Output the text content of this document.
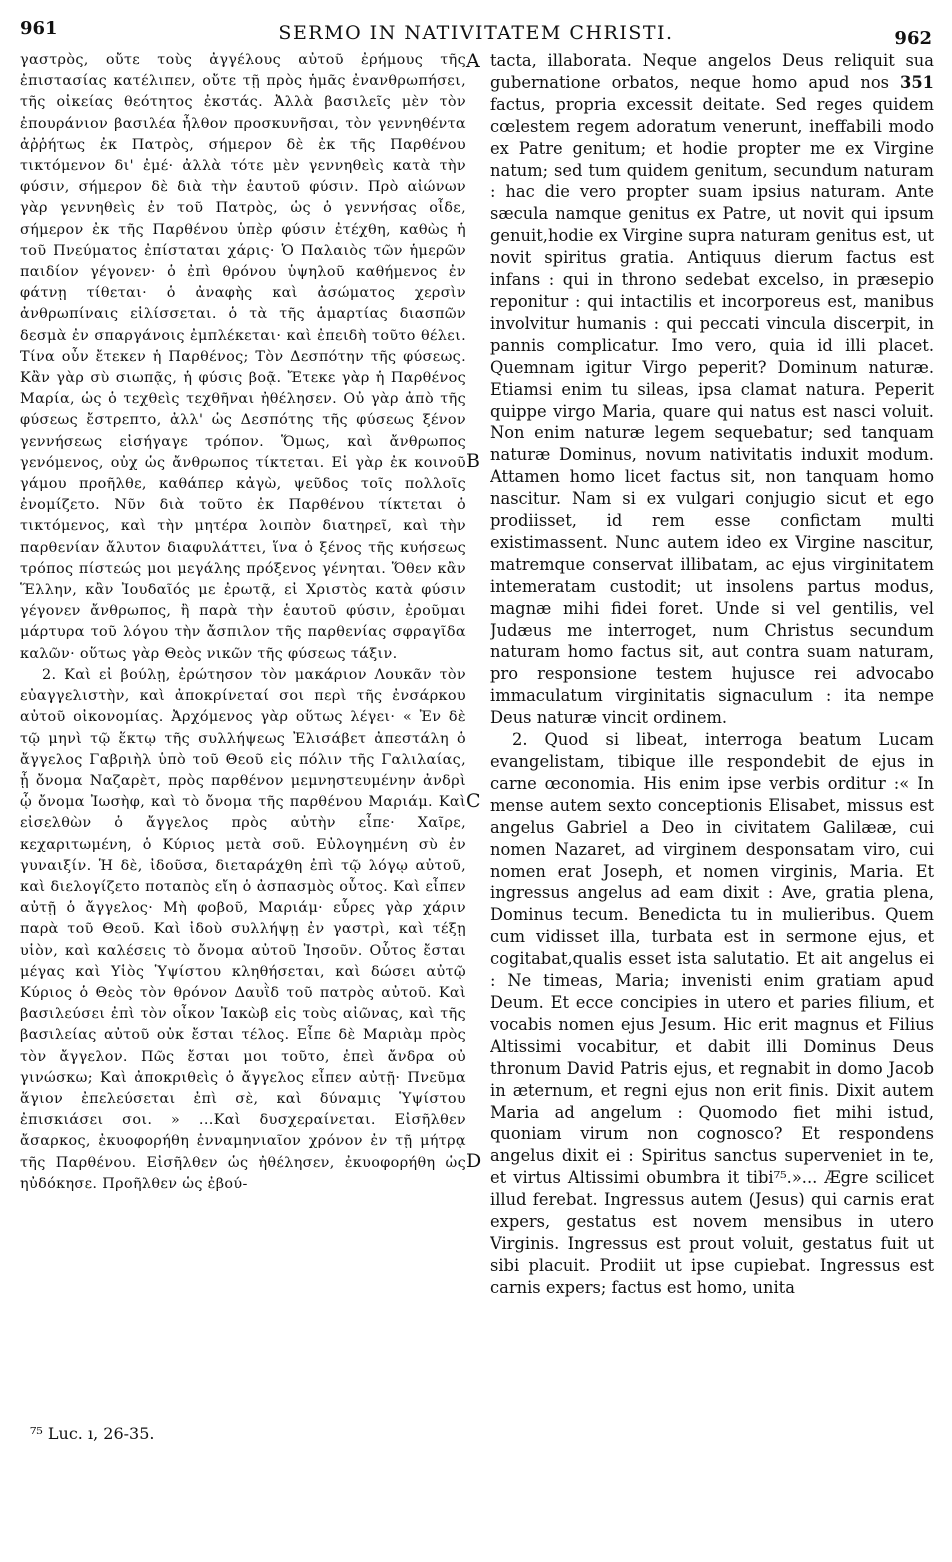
961	SERMO IN NATIVITATEM CHRISTI.	962

γαστρὸς, οὔτε τοὺς ἀγγέλους αὐτοῦ ἐρήμους τῆς ἐπιστασίας κατέλιπεν, οὔτε τῇ πρὸς ἡμᾶς ἐνανθρωπήσει, τῆς οἰκείας θεότητος ἐκστάς. Ἀλλὰ βασιλεῖς μὲν τὸν ἐπουράνιον βασιλέα ἦλθον προσκυνῆσαι, τὸν γεννηθέντα ἀῤῥήτως ἐκ Πατρὸς, σήμερον δὲ ἐκ τῆς Παρθένου τικτόμενον δι' ἐμέ· ἀλλὰ τότε μὲν γεννηθεὶς κατὰ τὴν φύσιν, σήμερον δὲ διὰ τὴν ἑαυτοῦ φύσιν. Πρὸ αἰώνων γὰρ γεννηθεὶς ἐν τοῦ Πατρὸς, ὡς ὁ γεννήσας οἶδε, σήμερον ἐκ τῆς Παρθένου ὑπὲρ φύσιν ἐτέχθη, καθὼς ἡ τοῦ Πνεύματος ἐπίσταται χάρις· Ὁ Παλαιὸς τῶν ἡμερῶν παιδίον γέγονεν· ὁ ἐπὶ θρόνου ὑψηλοῦ καθήμενος ἐν φάτνῃ τίθεται· ὁ ἀναφὴς καὶ ἀσώματος χερσὶν ἀνθρωπίναις εἱλίσσεται. ὁ τὰ τῆς ἁμαρτίας διασπῶν δεσμὰ ἐν σπαργάνοις ἐμπλέκεται· καὶ ἐπειδὴ τοῦτο θέλει. Τίνα οὖν ἔτεκεν ἡ Παρθένος; Τὸν Δεσπότην τῆς φύσεως. Κἂν γὰρ σὺ σιωπᾷς, ἡ φύσις βοᾷ. Ἔτεκε γὰρ ἡ Παρθένος Μαρία, ὡς ὁ τεχθεὶς τεχθῆναι ἠθέλησεν. Οὐ γὰρ ἀπὸ τῆς φύσεως ἔστρεπτο, ἀλλ' ὡς Δεσπότης τῆς φύσεως ξένον γεννήσεως εἰσήγαγε τρόπον. Ὅμως, καὶ ἄνθρωπος γενόμενος, οὐχ ὡς ἄνθρωπος τίκτεται. Εἰ γὰρ ἐκ κοινοῦ γάμου προῆλθε, καθάπερ κἀγὼ, ψεῦδος τοῖς πολλοῖς ἐνομίζετο. Νῦν διὰ τοῦτο ἐκ Παρθένου τίκτεται ὁ τικτόμενος, καὶ τὴν μητέρα λοιπὸν διατηρεῖ, καὶ τὴν παρθενίαν ἄλυτον διαφυλάττει, ἵνα ὁ ξένος τῆς κυήσεως τρόπος πίστεώς μοι μεγάλης πρόξενος γένηται. Ὅθεν κἂν Ἕλλην, κἂν Ἰουδαῖός με ἐρωτᾷ, εἰ Χριστὸς κατὰ φύσιν γέγονεν ἄνθρωπος, ἢ παρὰ τὴν ἑαυτοῦ φύσιν, ἐροῦμαι μάρτυρα τοῦ λόγου τὴν ἄσπιλον τῆς παρθενίας σφραγῖδα καλῶν· οὕτως γὰρ Θεὸς νικῶν τῆς φύσεως τάξιν.

2. Καὶ εἰ βούλῃ, ἐρώτησον τὸν μακάριον Λουκᾶν τὸν εὐαγγελιστὴν, καὶ ἀποκρίνεταί σοι περὶ τῆς ἐνσάρκου αὐτοῦ οἰκονομίας. Ἀρχόμενος γὰρ οὕτως λέγει· « Ἐν δὲ τῷ μηνὶ τῷ ἕκτῳ τῆς συλλήψεως Ἐλισάβετ ἀπεστάλη ὁ ἄγγελος Γαβριὴλ ὑπὸ τοῦ Θεοῦ εἰς πόλιν τῆς Γαλιλαίας, ᾗ ὄνομα Ναζαρὲτ, πρὸς παρθένον μεμνηστευμένην ἀνδρὶ ᾧ ὄνομα Ἰωσὴφ, καὶ τὸ ὄνομα τῆς παρθένου Μαριάμ. Καὶ εἰσελθὼν ὁ ἄγγελος πρὸς αὐτὴν εἶπε· Χαῖρε, κεχαριτωμένη, ὁ Κύριος μετὰ σοῦ. Εὐλογημένη σὺ ἐν γυναιξίν. Ἡ δὲ, ἰδοῦσα, διεταράχθη ἐπὶ τῷ λόγῳ αὐτοῦ, καὶ διελογίζετο ποταπὸς εἴη ὁ ἀσπασμὸς οὗτος. Καὶ εἶπεν αὐτῇ ὁ ἄγγελος· Μὴ φοβοῦ, Μαριάμ· εὗρες γὰρ χάριν παρὰ τοῦ Θεοῦ. Καὶ ἰδοὺ συλλήψῃ ἐν γαστρὶ, καὶ τέξῃ υἱὸν, καὶ καλέσεις τὸ ὄνομα αὐτοῦ Ἰησοῦν. Οὗτος ἔσται μέγας καὶ Υἱὸς Ὑψίστου κληθήσεται, καὶ δώσει αὐτῷ Κύριος ὁ Θεὸς τὸν θρόνον Δαυῒδ τοῦ πατρὸς αὐτοῦ. Καὶ βασιλεύσει ἐπὶ τὸν οἶκον Ἰακὼβ εἰς τοὺς αἰῶνας, καὶ τῆς βασιλείας αὐτοῦ οὐκ ἔσται τέλος. Εἶπε δὲ Μαριὰμ πρὸς τὸν ἄγγελον. Πῶς ἔσται μοι τοῦτο, ἐπεὶ ἄνδρα οὐ γινώσκω; Καὶ ἀποκριθεὶς ὁ ἄγγελος εἶπεν αὐτῇ· Πνεῦμα ἅγιον ἐπελεύσεται ἐπὶ σὲ, καὶ δύναμις Ὑψίστου ἐπισκιάσει σοι. » ...Καὶ δυσχεραίνεται. Εἰσῆλθεν ἄσαρκος, ἐκυοφορήθη ἐνναμηνιαῖον χρόνον ἐν τῇ μήτρᾳ τῆς Παρθένου. Εἰσῆλθεν ὡς ἠθέλησεν, ἐκυοφορήθη ὡς ηὐδόκησε. Προῆλθεν ὡς ἐβού-

tacta, illaborata. Neque angelos Deus reliquit sua gubernatione orbatos, neque homo apud nos 351 factus, propria excessit deitate. Sed reges quidem cœlestem regem adoratum venerunt, ineffabili modo ex Patre genitum; et hodie propter me ex Virgine natum; sed tum quidem genitum, secundum naturam : hac die vero propter suam ipsius naturam. Ante sæcula namque genitus ex Patre, ut novit qui ipsum genuit,hodie ex Virgine supra naturam genitus est, ut novit spiritus gratia. Antiquus dierum factus est infans : qui in throno sedebat excelso, in præsepio reponitur : qui intactilis et incorporeus est, manibus involvitur humanis : qui peccati vincula discerpit, in pannis complicatur. Imo vero, quia id illi placet. Quemnam igitur Virgo peperit? Dominum naturæ. Etiamsi enim tu sileas, ipsa clamat natura. Peperit quippe virgo Maria, quare qui natus est nasci voluit. Non enim naturæ legem sequebatur; sed tanquam naturæ Dominus, novum nativitatis induxit modum. Attamen homo licet factus sit, non tanquam homo nascitur. Nam si ex vulgari conjugio sicut et ego prodiisset, id rem esse confictam multi existimassent. Nunc autem ideo ex Virgine nascitur, matremque conservat illibatam, ac ejus virginitatem intemeratam custodit; ut insolens partus modus, magnæ mihi fidei foret. Unde si vel gentilis, vel Judæus me interroget, num Christus secundum naturam homo factus sit, aut contra suam naturam, pro responsione testem hujusce rei advocabo immaculatum virginitatis signaculum : ita nempe Deus naturæ vincit ordinem.

2. Quod si libeat, interroga beatum Lucam evangelistam, tibique ille respondebit de ejus in carne œconomia. His enim ipse verbis orditur :« In mense autem sexto conceptionis Elisabet, missus est angelus Gabriel a Deo in civitatem Galilææ, cui nomen Nazaret, ad virginem desponsatam viro, cui nomen erat Joseph, et nomen virginis, Maria. Et ingressus angelus ad eam dixit : Ave, gratia plena, Dominus tecum. Benedicta tu in mulieribus. Quem cum vidisset illa, turbata est in sermone ejus, et cogitabat,qualis esset ista salutatio. Et ait angelus ei : Ne timeas, Maria; invenisti enim gratiam apud Deum. Et ecce concipies in utero et paries filium, et vocabis nomen ejus Jesum. Hic erit magnus et Filius Altissimi vocabitur, et dabit illi Dominus Deus thronum David Patris ejus, et regnabit in domo Jacob in æternum, et regni ejus non erit finis. Dixit autem Maria ad angelum : Quomodo fiet mihi istud, quoniam virum non cognosco? Et respondens angelus dixit ei : Spiritus sanctus superveniet in te, et virtus Altissimi obumbra it tibi⁷⁵.»... Ægre scilicet illud ferebat. Ingressus autem (Jesus) qui carnis erat expers, gestatus est novem mensibus in utero Virginis. Ingressus est prout voluit, gestatus fuit ut sibi placuit. Prodiit ut ipse cupiebat. Ingressus est carnis expers; factus est homo, unita

A
B
C
D
⁷⁵ Luc. ı, 26-35.
